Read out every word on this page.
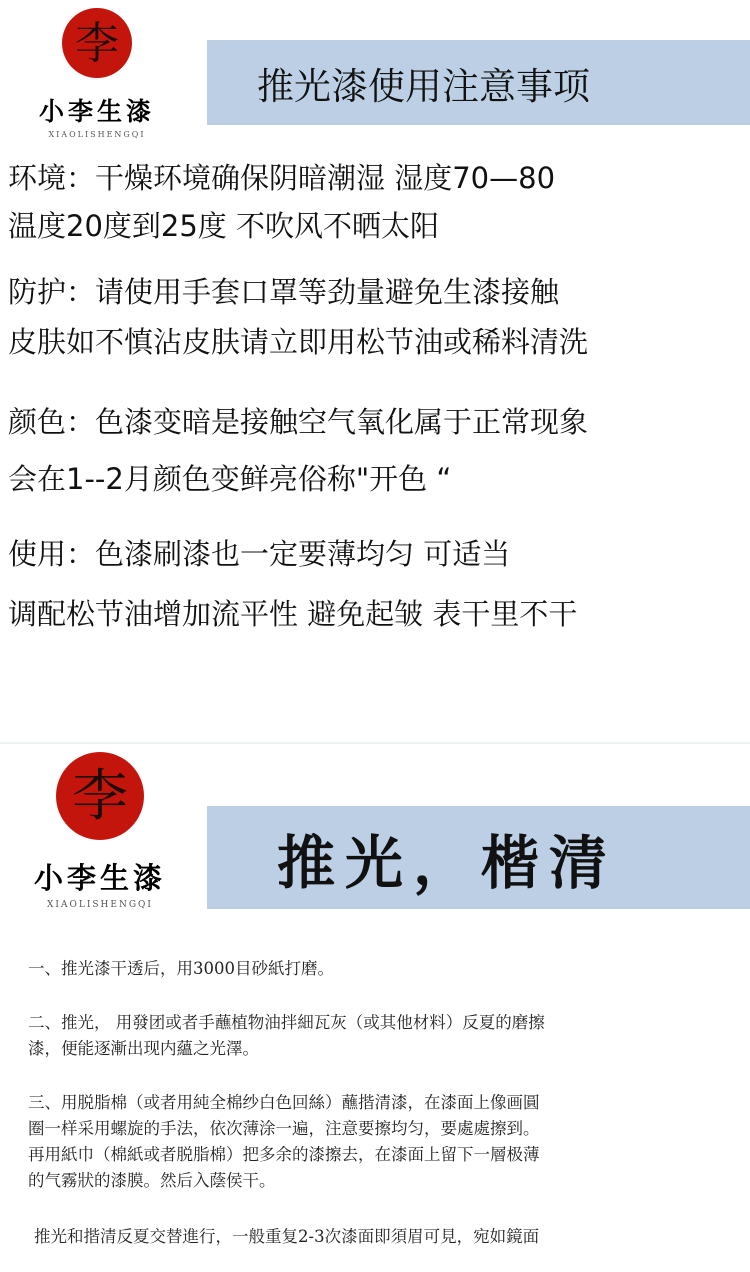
李
小李生漆
XIAOLISHENGQI
推光漆使用注意事项
环境：干燥环境确保阴暗潮湿 湿度70—80
温度20度到25度 不吹风不晒太阳
防护：请使用手套口罩等劲量避免生漆接触
皮肤如不慎沾皮肤请立即用松节油或稀料清洗
颜色：色漆变暗是接触空气氧化属于正常现象
会在1--2月颜色变鲜亮俗称"开色 “
使用：色漆刷漆也一定要薄均匀 可适当
调配松节油增加流平性 避免起皱 表干里不干
李
小李生漆
XIAOLISHENGQI
推光，楷清
一、推光漆干透后，用3000目砂紙打磨。
二、推光， 用發团或者手蘸植物油拌細瓦灰（或其他材料）反夏的磨擦
漆，便能逐漸出现内蘊之光澤。
三、用脱脂棉（或者用純全棉纱白色回絲）蘸揩清漆，在漆面上像画圓
圈一样采用螺旋的手法，依次薄涂一遍，注意要擦均匀，要處處擦到。
再用紙巾（棉紙或者脱脂棉）把多余的漆擦去，在漆面上留下一層极薄
的气霧狀的漆膜。然后入蔭侯干。
推光和揩清反夏交替進行，一般重复2-3次漆面即須眉可見，宛如鏡面
